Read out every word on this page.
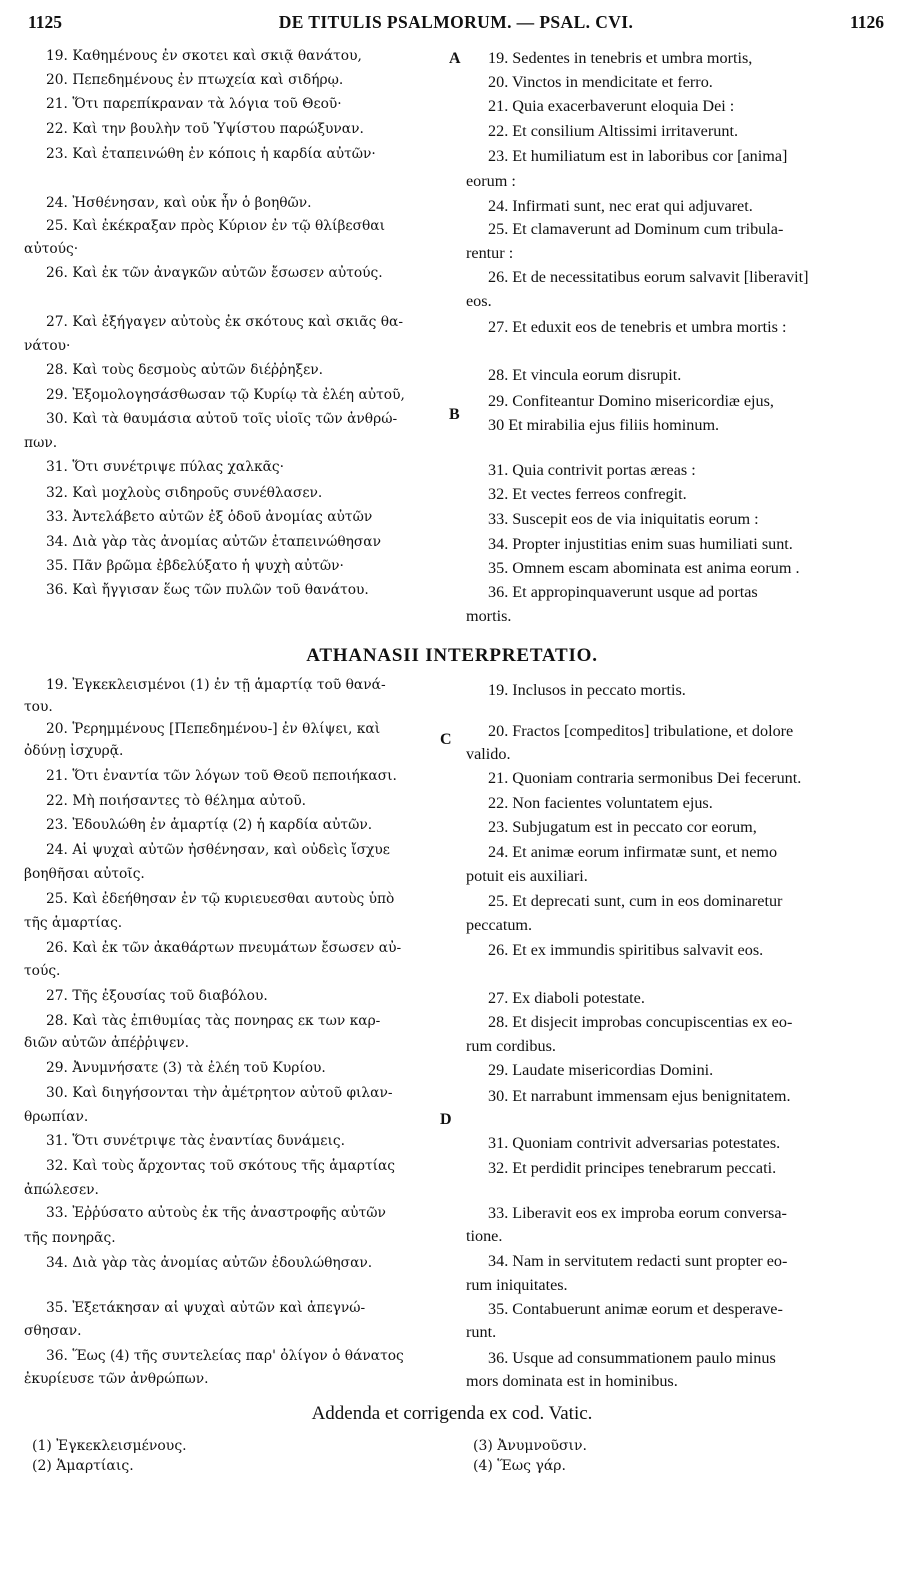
1125	DE TITULIS PSALMORUM. — PSAL. CVI.	1126
19. Καθημένους ἐν σκοτει καὶ σκιᾷ θανάτου,
20. Πεπεδημένους ἐν πτωχεία καὶ σιδήρῳ.
21. Ὅτι παρεπίκραναν τὰ λόγια τοῦ Θεοῦ·
22. Καὶ την βουλὴν τοῦ Ὑψίστου παρώξυναν.
23. Καὶ ἐταπεινώθη ἐν κόποις ἡ καρδία αὐτῶν·
24. Ἠσθένησαν, καὶ οὐκ ἦν ὁ βοηθῶν.
25. Καὶ ἐκέκραξαν πρὸς Κύριον ἐν τῷ θλίβεσθαι
αὐτούς·
26. Καὶ ἐκ τῶν ἀναγκῶν αὐτῶν ἔσωσεν αὐτούς.
27. Καὶ ἐξήγαγεν αὐτοὺς ἐκ σκότους καὶ σκιᾶς θα-
νάτου·
28. Καὶ τοὺς δεσμοὺς αὐτῶν διέῤῥηξεν.
29. Ἐξομολογησάσθωσαν τῷ Κυρίῳ τὰ ἐλέη αὐτοῦ,
30. Καὶ τὰ θαυμάσια αὐτοῦ τοῖς υἱοῖς τῶν ἀνθρώ-
πων.
31. Ὅτι συνέτριψε πύλας χαλκᾶς·
32. Καὶ μοχλοὺς σιδηροῦς συνέθλασεν.
33. Ἀντελάβετο αὐτῶν ἐξ ὁδοῦ ἀνομίας αὐτῶν
34. Διὰ γὰρ τὰς ἀνομίας αὐτῶν ἐταπεινώθησαν
35. Πᾶν βρῶμα ἐβδελύξατο ἡ ψυχὴ αὐτῶν·
36. Καὶ ἤγγισαν ἕως τῶν πυλῶν τοῦ θανάτου.
19. Sedentes in tenebris et umbra mortis,
20. Vinctos in mendicitate et ferro.
21. Quia exacerbaverunt eloquia Dei :
22. Et consilium Altissimi irritaverunt.
23. Et humiliatum est in laboribus cor [anima]
eorum :
24. Infirmati sunt, nec erat qui adjuvaret.
25. Et clamaverunt ad Dominum cum tribula-
rentur :
26. Et de necessitatibus eorum salvavit [liberavit]
eos.
27. Et eduxit eos de tenebris et umbra mortis :
28. Et vincula eorum disrupit.
29. Confiteantur Domino misericordiæ ejus,
30 Et mirabilia ejus filiis hominum.
31. Quia contrivit portas æreas :
32. Et vectes ferreos confregit.
33. Suscepit eos de via iniquitatis eorum :
34. Propter injustitias enim suas humiliati sunt.
35. Omnem escam abominata est anima eorum .
36. Et appropinquaverunt usque ad portas
mortis.
19. Ἐγκεκλεισμένοι (1) ἐν τῇ ἁμαρτίᾳ τοῦ θανά-
του.
20. Ῥερημμένους [Πεπεδημένου-] ἐν θλίψει, καὶ
ὀδύνῃ ἰσχυρᾷ.
21. Ὅτι ἐναντία τῶν λόγων τοῦ Θεοῦ πεποιήκασι.
22. Μὴ ποιήσαντες τὸ θέλημα αὐτοῦ.
23. Ἐδουλώθη ἐν ἁμαρτίᾳ (2) ἡ καρδία αὐτῶν.
24. Αἱ ψυχαὶ αὐτῶν ἠσθένησαν, καὶ οὐδεὶς ἴσχυε
βοηθῆσαι αὐτοῖς.
25. Καὶ ἐδεήθησαν ἐν τῷ κυριευεσθαι αυτοὺς ὑπὸ
τῆς ἁμαρτίας.
26. Καὶ ἐκ τῶν ἀκαθάρτων πνευμάτων ἔσωσεν αὐ-
τούς.
27. Τῆς ἐξουσίας τοῦ διαβόλου.
28. Καὶ τὰς ἐπιθυμίας τὰς πονηρας εκ των καρ-
διῶν αὐτῶν ἀπέῤῥιψεν.
29. Ἀνυμνήσατε (3) τὰ ἐλέη τοῦ Κυρίου.
30. Καὶ διηγήσονται τὴν ἀμέτρητον αὐτοῦ φιλαν-
θρωπίαν.
31. Ὅτι συνέτριψε τὰς ἐναντίας δυνάμεις.
32. Καὶ τοὺς ἄρχοντας τοῦ σκότους τῆς ἁμαρτίας
ἀπώλεσεν.
33. Ἐῤῥύσατο αὐτοὺς ἐκ τῆς ἀναστροφῆς αὐτῶν
τῆς πονηρᾶς.
34. Διὰ γὰρ τὰς ἀνομίας αὐτῶν ἐδουλώθησαν.
35. Ἐξετάκησαν αἱ ψυχαὶ αὐτῶν καὶ ἀπεγνώ-
σθησαν.
36. Ἕως (4) τῆς συντελείας παρ' ὀλίγον ὁ θάνατος
ἐκυρίευσε τῶν ἀνθρώπων.
19. Inclusos in peccato mortis.
20. Fractos [compeditos] tribulatione, et dolore
valido.
21. Quoniam contraria sermonibus Dei fecerunt.
22. Non facientes voluntatem ejus.
23. Subjugatum est in peccato cor eorum,
24. Et animæ eorum infirmatæ sunt, et nemo
potuit eis auxiliari.
25. Et deprecati sunt, cum in eos dominaretur
peccatum.
26. Et ex immundis spiritibus salvavit eos.
27. Ex diaboli potestate.
28. Et disjecit improbas concupiscentias ex eo-
rum cordibus.
29. Laudate misericordias Domini.
30. Et narrabunt immensam ejus benignitatem.
31. Quoniam contrivit adversarias potestates.
32. Et perdidit principes tenebrarum peccati.
33. Liberavit eos ex improba eorum conversa-
tione.
34. Nam in servitutem redacti sunt propter eo-
rum iniquitates.
35. Contabuerunt animæ eorum et desperave-
runt.
36. Usque ad consummationem paulo minus
mors dominata est in hominibus.
A
B
C
D
ATHANASII INTERPRETATIO.
Addenda et corrigenda ex cod. Vatic.
(1) Ἐγκεκλεισμένους.
(2) Ἁμαρτίαις.
(3) Ἀνυμνοῦσιν.
(4) Ἕως γάρ.
